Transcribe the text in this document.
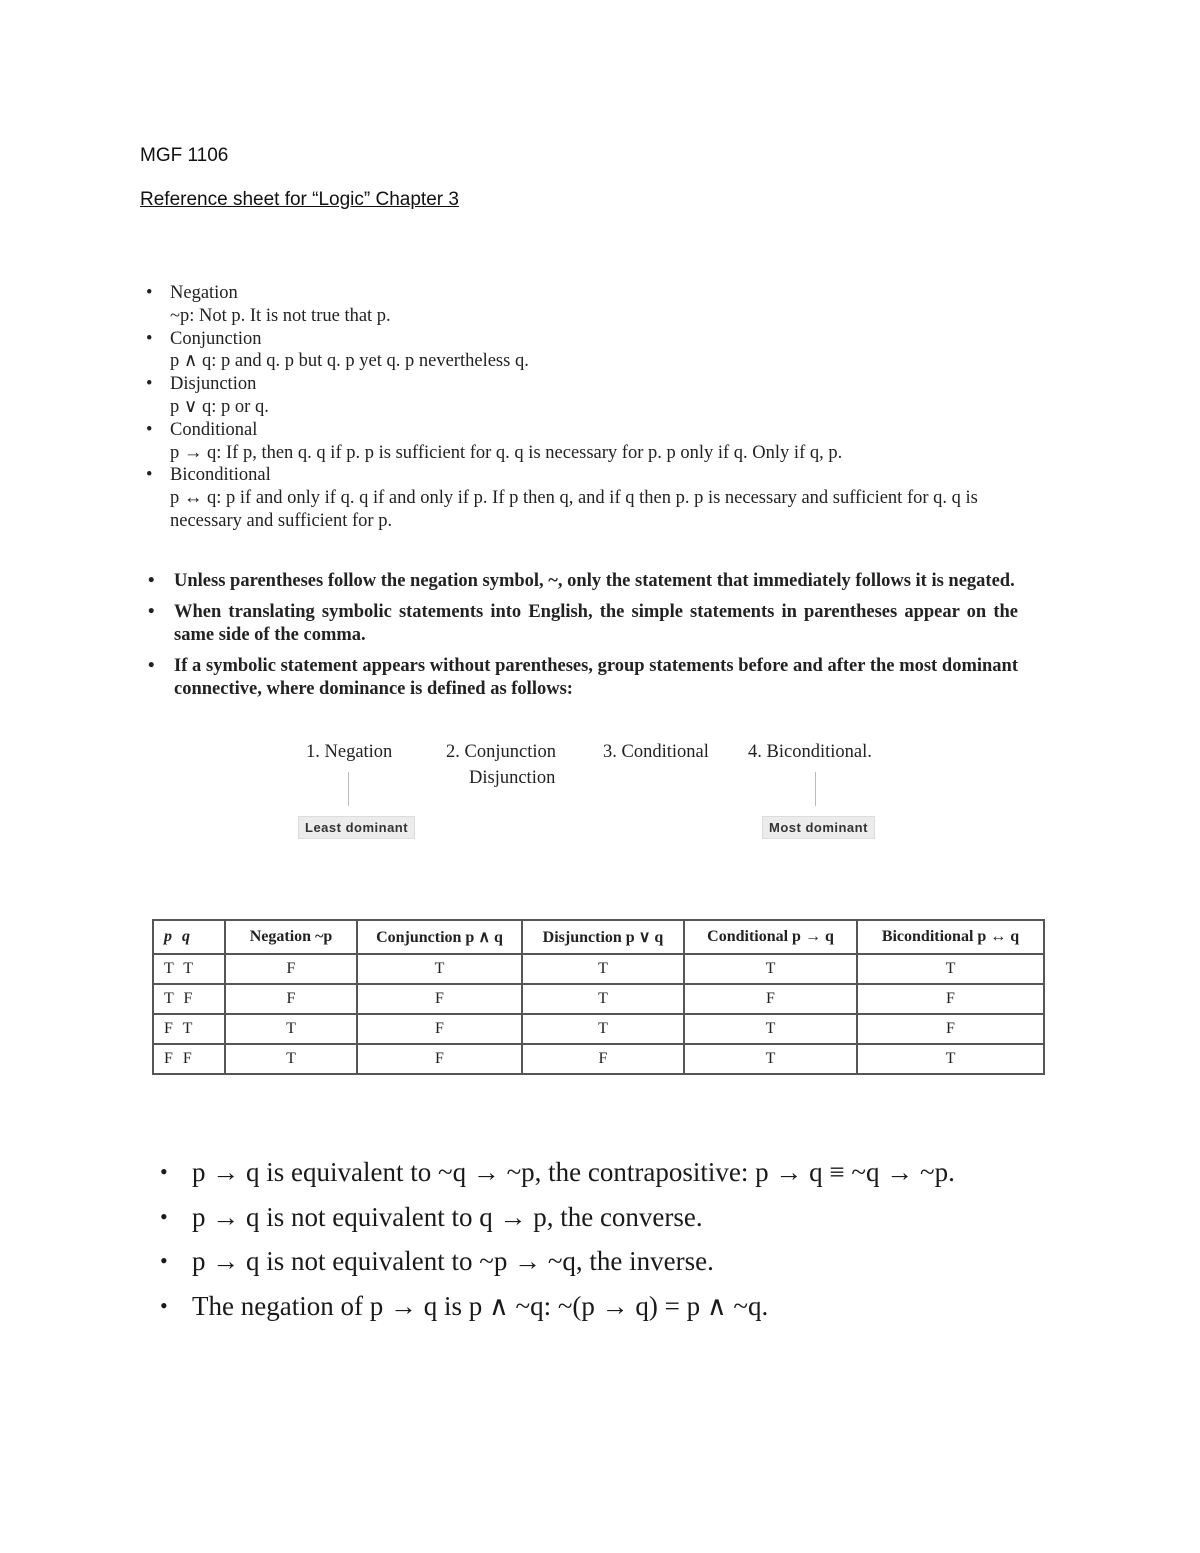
MGF 1106
Reference sheet for “Logic” Chapter 3
• Negation
~p: Not p. It is not true that p.
• Conjunction
p ∧ q: p and q. p but q. p yet q. p nevertheless q.
• Disjunction
p ∨ q: p or q.
• Conditional
p → q: If p, then q. q if p. p is sufficient for q. q is necessary for p. p only if q. Only if q, p.
• Biconditional
p ↔ q: p if and only if q. q if and only if p. If p then q, and if q then p. p is necessary and sufficient for q. q is necessary and sufficient for p.
• Unless parentheses follow the negation symbol, ~, only the statement that immediately follows it is negated.
• When translating symbolic statements into English, the simple statements in parentheses appear on the same side of the comma.
• If a symbolic statement appears without parentheses, group statements before and after the most dominant connective, where dominance is defined as follows:
1. Negation	2. Conjunction
Disjunction
3. Conditional 4. Biconditional.
Least dominant	Most dominant
p q	Negation ~p	Conjunction p ∧ q	Disjunction p ∨ q	Conditional p → q	Biconditional p ↔ q
T T	F	T	T	T	T
T F	F	F	T	F	F
F T	T	F	T	T	F
F F	T	F	F	T	T
• p → q is equivalent to ~q → ~p, the contrapositive: p → q ≡ ~q → ~p.
• p → q is not equivalent to q → p, the converse.
• p → q is not equivalent to ~p → ~q, the inverse.
• The negation of p → q is p ∧ ~q: ~(p → q) = p ∧ ~q.
